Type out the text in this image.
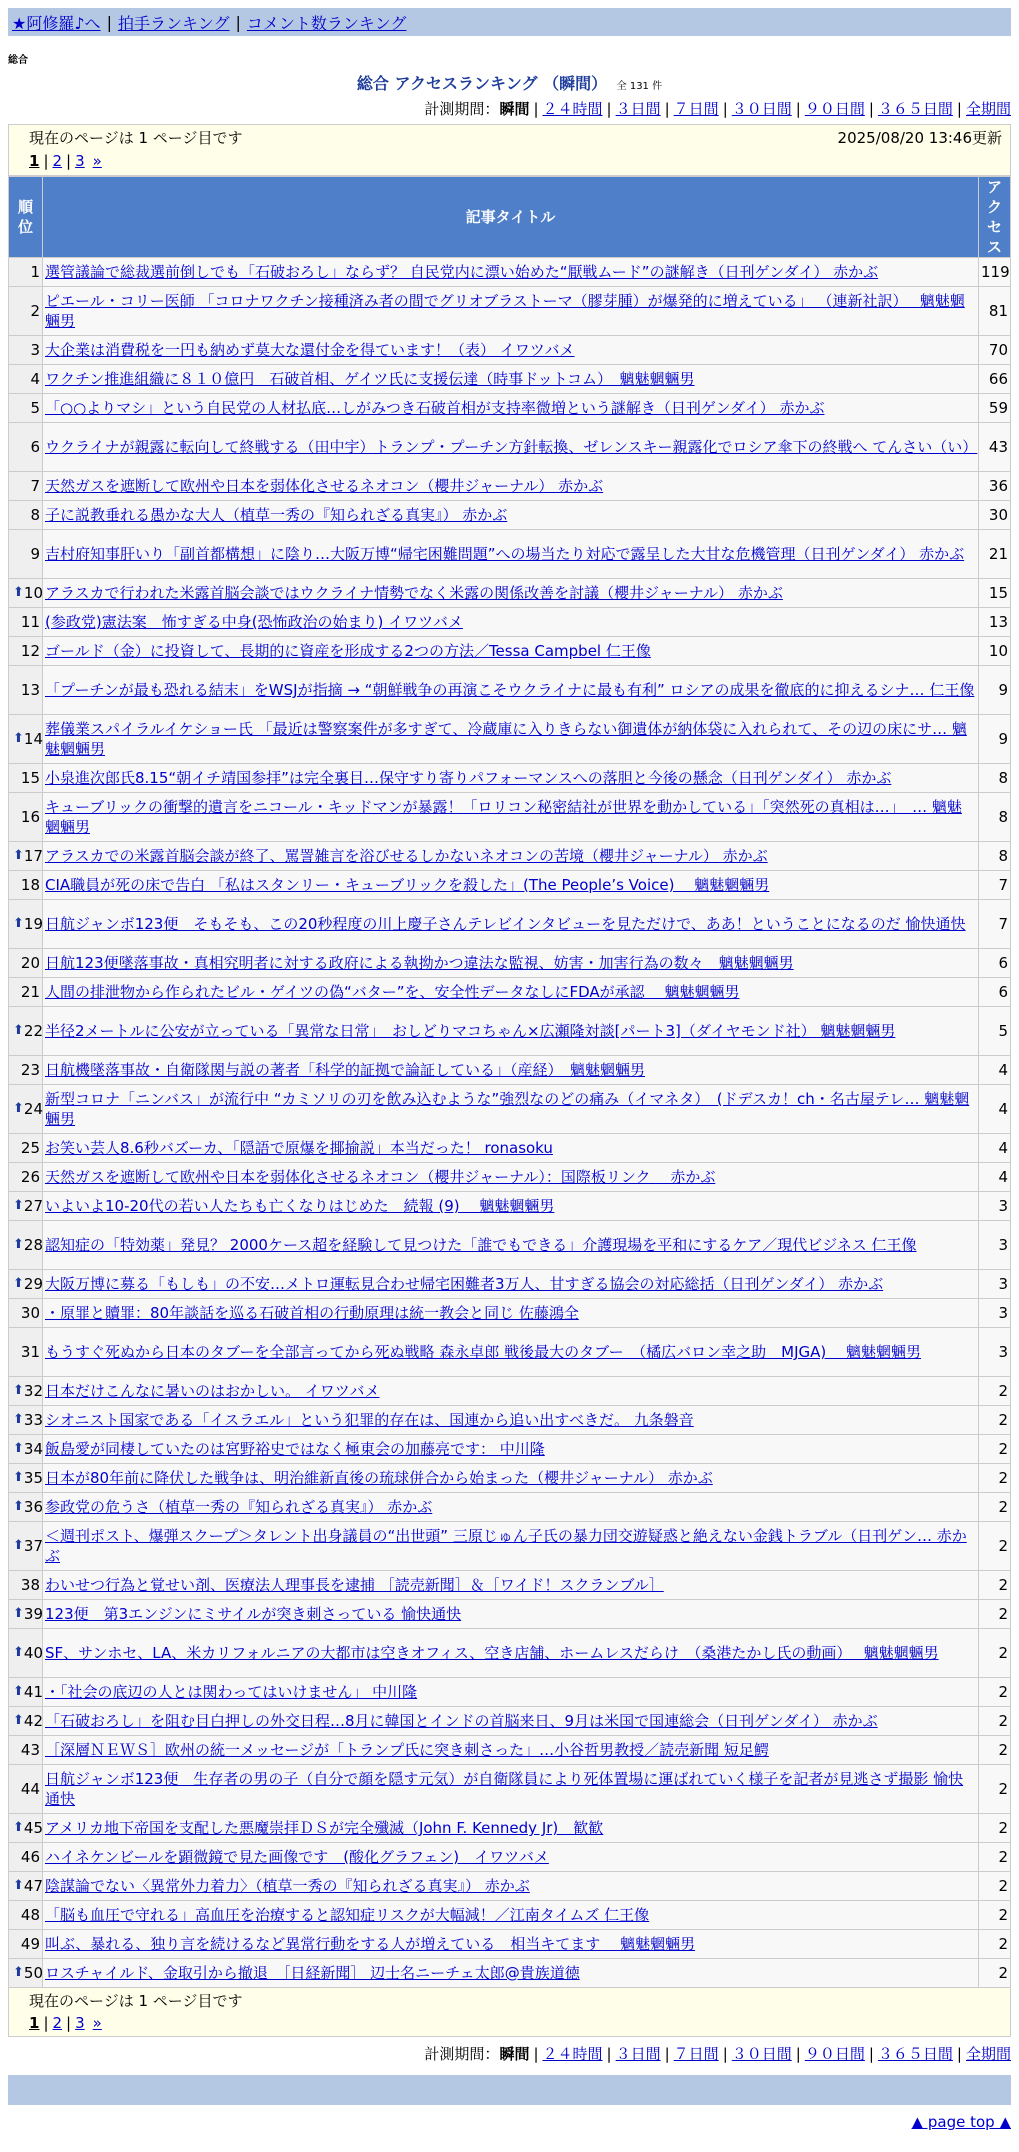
★阿修羅♪へ | 拍手ランキング | コメント数ランキング
総合
総合 アクセスランキング （瞬間） 全 131 件
計測期間：瞬間 | ２４時間 | ３日間 | ７日間 | ３０日間 | ９０日間 | ３６５日間 | 全期間
現在のページは 1 ページ目です	2025/08/20 13:46更新
1 | 2 | 3 »
順位	記事タイトル	アクセス
1	選管議論で総裁選前倒しでも「石破おろし」ならず？ 自民党内に漂い始めた“厭戦ムード”の謎解き（日刊ゲンダイ） 赤かぶ	119
2	ピエール・コリー医師 「コロナワクチン接種済み者の間でグリオブラストーマ（膠芽腫）が爆発的に増えている」 （連新社訳）　 魑魅魍魎男	81
3	大企業は消費税を一円も納めず莫大な還付金を得ています！（表） イワツバメ	70
4	ワクチン推進組織に８１０億円　石破首相、ゲイツ氏に支援伝達（時事ドットコム）　魑魅魍魎男	66
5	「○○よりマシ」という自民党の人材払底…しがみつき石破首相が支持率微増という謎解き（日刊ゲンダイ） 赤かぶ	59
6	ウクライナが親露に転向して終戦する（田中宇）トランプ・プーチン方針転換、ゼレンスキー親露化でロシア傘下の終戦へ てんさい（い）	43
7	天然ガスを遮断して欧州や日本を弱体化させるネオコン（櫻井ジャーナル） 赤かぶ	36
8	子に説教垂れる愚かな大人（植草一秀の『知られざる真実』） 赤かぶ	30
9	吉村府知事肝いり「副首都構想」に陰り…大阪万博“帰宅困難問題”への場当たり対応で露呈した大甘な危機管理（日刊ゲンダイ） 赤かぶ	21

⬆ 10	アラスカで行われた米露首脳会談ではウクライナ情勢でなく米露の関係改善を討議（櫻井ジャーナル） 赤かぶ	15
11	(参政党)憲法案　怖すぎる中身(恐怖政治の始まり) イワツバメ	13
12	ゴールド（金）に投資して、長期的に資産を形成する2つの方法／Tessa Campbel 仁王像	10
13	「プーチンが最も恐れる結末」をWSJが指摘 → “朝鮮戦争の再演こそウクライナに最も有利” ロシアの成果を徹底的に抑えるシナ… 仁王像	9

⬆ 14	葬儀業スパイラルイケショー氏 「最近は警察案件が多すぎて、冷蔵庫に入りきらない御遺体が納体袋に入れられて、その辺の床にサ… 魑魅魍魎男	9
15	小泉進次郎氏8.15“朝イチ靖国参拝”は完全裏目…保守すり寄りパフォーマンスへの落胆と今後の懸念（日刊ゲンダイ） 赤かぶ	8
16	キューブリックの衝撃的遺言をニコール・キッドマンが暴露！「ロリコン秘密結社が世界を動かしている」「突然死の真相は…」　… 魑魅魍魎男	8

⬆ 17	アラスカでの米露首脳会談が終了、罵詈雑言を浴びせるしかないネオコンの苦境（櫻井ジャーナル） 赤かぶ	8
18	CIA職員が死の床で告白 「私はスタンリー・キューブリックを殺した」(The People’s Voice)　 魑魅魍魎男	7

⬆ 19	日航ジャンボ123便　そもそも、この20秒程度の川上慶子さんテレビインタビューを見ただけで、ああ！ということになるのだ 愉快通快	7
20	日航123便墜落事故・真相究明者に対する政府による執拗かつ違法な監視、妨害・加害行為の数々　魑魅魍魎男	6
21	人間の排泄物から作られたビル・ゲイツの偽“バター”を、安全性データなしにFDAが承認　 魑魅魍魎男	6

⬆ 22	半径2メートルに公安が立っている「異常な日常」　おしどりマコちゃん×広瀬隆対談[パート3]（ダイヤモンド社） 魑魅魍魎男	5
23	日航機墜落事故・自衛隊関与説の著者「科学的証拠で論証している」（産経）　魑魅魍魎男	4

⬆ 24	新型コロナ「ニンバス」が流行中 “カミソリの刃を飲み込むような”強烈なのどの痛み（イマネタ）　(ドデスカ！ch・名古屋テレ… 魑魅魍魎男	4
25	お笑い芸人8.6秒バズーカ、「隠語で原爆を揶揄説」本当だった！ ronasoku	4
26	天然ガスを遮断して欧州や日本を弱体化させるネオコン（櫻井ジャーナル）：国際板リンク　 赤かぶ	4

⬆ 27	いよいよ10-20代の若い人たちも亡くなりはじめた　続報 (9)　 魑魅魍魎男	3

⬆ 28	認知症の「特効薬」発見？ 2000ケース超を経験して見つけた「誰でもできる」介護現場を平和にするケア／現代ビジネス 仁王像	3

⬆ 29	大阪万博に募る「もしも」の不安…メトロ運転見合わせ帰宅困難者3万人、甘すぎる協会の対応総括（日刊ゲンダイ） 赤かぶ	3
30	・原罪と贖罪：80年談話を巡る石破首相の行動原理は統一教会と同じ 佐藤鴻全	3
31	もうすぐ死ぬから日本のタブーを全部言ってから死ぬ戦略 森永卓郎 戦後最大のタブー　（橘広バロン幸之助　MJGA)　 魑魅魍魎男	3

⬆ 32	日本だけこんなに暑いのはおかしい。 イワツバメ	2

⬆ 33	シオニスト国家である「イスラエル」という犯罪的存在は、国連から追い出すべきだ。 九条磐音	2

⬆ 34	飯島愛が同棲していたのは宮野裕史ではなく極東会の加藤亮です： 中川隆	2

⬆ 35	日本が80年前に降伏した戦争は、明治維新直後の琉球併合から始まった（櫻井ジャーナル） 赤かぶ	2

⬆ 36	参政党の危うさ（植草一秀の『知られざる真実』） 赤かぶ	2

⬆ 37	＜週刊ポスト、爆弾スクープ＞タレント出身議員の“出世頭” 三原じゅん子氏の暴力団交遊疑惑と絶えない金銭トラブル（日刊ゲン… 赤かぶ	2
38	わいせつ行為と覚せい剤、医療法人理事長を逮捕 ［読売新聞］＆［ワイド！スクランブル］	2

⬆ 39	123便　第3エンジンにミサイルが突き刺さっている 愉快通快	2

⬆ 40	SF、サンホセ、LA、米カリフォルニアの大都市は空きオフィス、空き店舗、ホームレスだらけ　（桑港たかし氏の動画）　 魑魅魍魎男	2

⬆ 41	・「社会の底辺の人とは関わってはいけません」 中川隆	2

⬆ 42	「石破おろし」を阻む目白押しの外交日程…8月に韓国とインドの首脳来日、9月は米国で国連総会（日刊ゲンダイ） 赤かぶ	2
43	［深層ＮＥＷＳ］欧州の統一メッセージが「トランプ氏に突き刺さった」…小谷哲男教授／読売新聞 短足鰐	2
44	日航ジャンボ123便　生存者の男の子（自分で顔を隠す元気）が自衛隊員により死体置場に運ばれていく様子を記者が見逃さず撮影 愉快通快	2

⬆ 45	アメリカ地下帝国を支配した悪魔崇拝ＤＳが完全殲滅（John F. Kennedy Jr)　歓歓	2
46	ハイネケンビールを顕微鏡で見た画像です　(酸化グラフェン)　イワツバメ	2

⬆ 47	陰謀論でない〈異常外力着力〉（植草一秀の『知られざる真実』） 赤かぶ	2
48	「脳も血圧で守れる」高血圧を治療すると認知症リスクが大幅減！／江南タイムズ 仁王像	2
49	叫ぶ、暴れる、独り言を続けるなど異常行動をする人が増えている　相当キてます　 魑魅魍魎男	2

⬆ 50	ロスチャイルド、金取引から撤退　［日経新聞］ 辺士名ニーチェ太郎@貴族道徳	2
現在のページは 1 ページ目です
1 | 2 | 3 »
計測期間：瞬間 | ２４時間 | ３日間 | ７日間 | ３０日間 | ９０日間 | ３６５日間 | 全期間
▲ page top ▲
